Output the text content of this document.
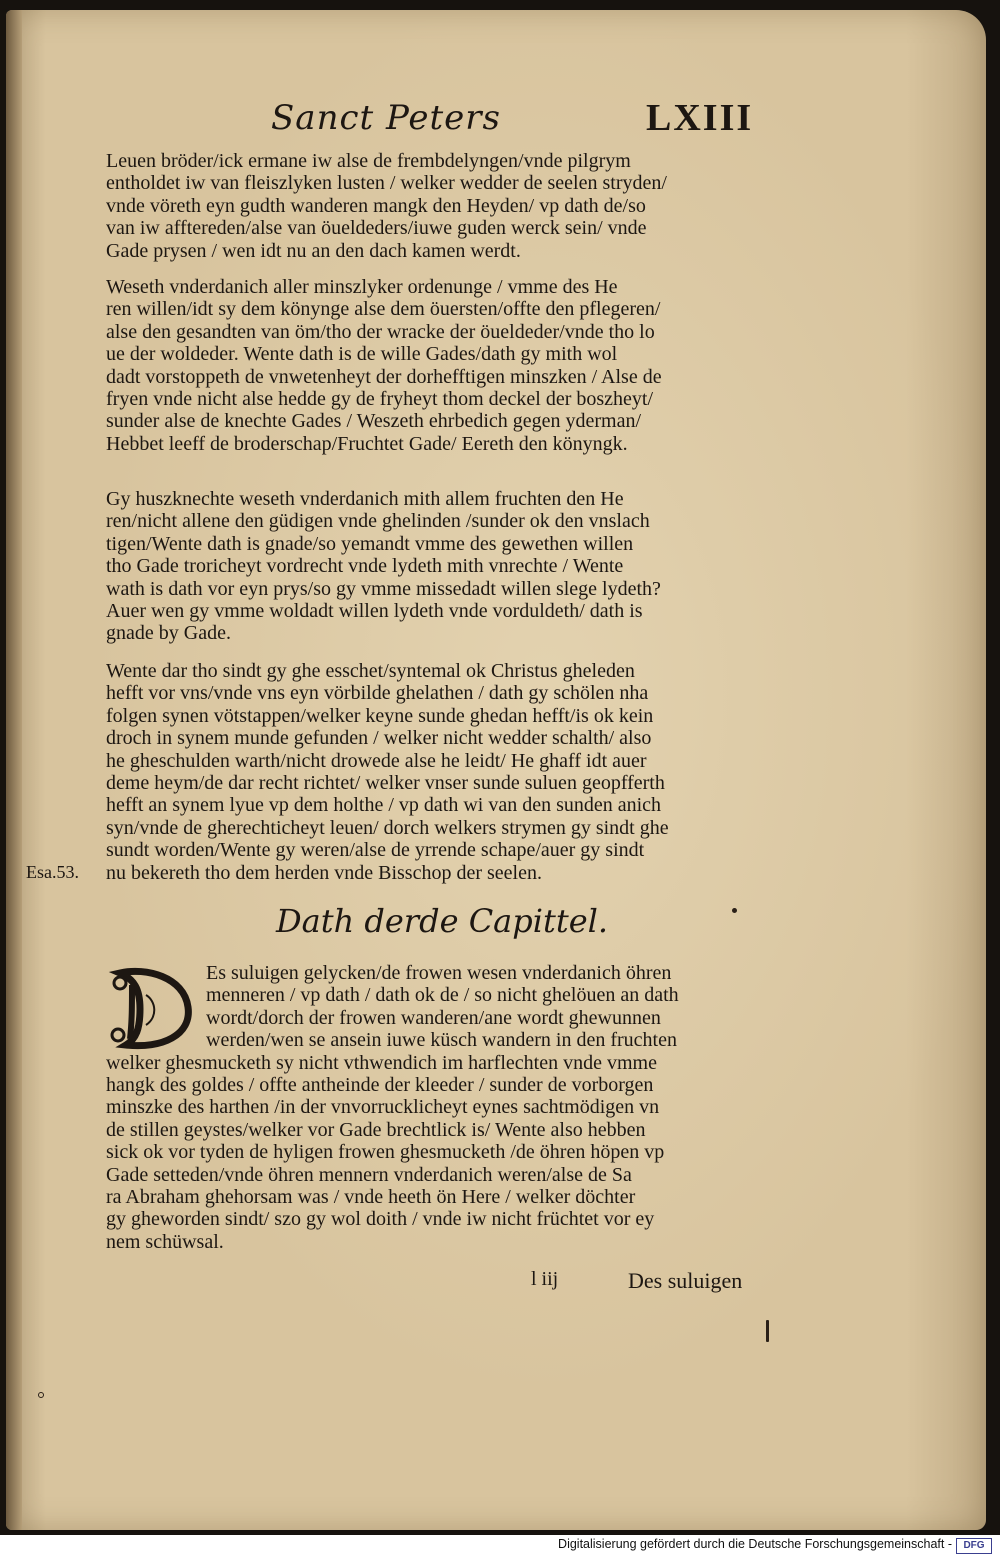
Sanct Peters	LXIII
Leuen bröder/ick ermane iw alse de frembdelyngen/vnde pilgrym
entholdet iw van fleiszlyken lusten / welker wedder de seelen stryden/
vnde vöreth eyn gudth wanderen mangk den Heyden/ vp dath de/so
van iw afftereden/alse van öueldeders/iuwe guden werck sein/ vnde
Gade prysen / wen idt nu an den dach kamen werdt.
Weseth vnderdanich aller minszlyker ordenunge / vmme des He
ren willen/idt sy dem könynge alse dem öuersten/offte den pflegeren/
alse den gesandten van öm/tho der wracke der öueldeder/vnde tho lo
ue der woldeder. Wente dath is de wille Gades/dath gy mith wol
dadt vorstoppeth de vnwetenheyt der dorhefftigen minszken / Alse de
fryen vnde nicht alse hedde gy de fryheyt thom deckel der boszheyt/
sunder alse de knechte Gades / Weszeth ehrbedich gegen yderman/
Hebbet leeff de broderschap/Fruchtet Gade/ Eereth den könyngk.
Gy huszknechte weseth vnderdanich mith allem fruchten den He
ren/nicht allene den güdigen vnde ghelinden /sunder ok den vnslach
tigen/Wente dath is gnade/so yemandt vmme des gewethen willen
tho Gade troricheyt vordrecht vnde lydeth mith vnrechte / Wente
wath is dath vor eyn prys/so gy vmme missedadt willen slege lydeth?
Auer wen gy vmme woldadt willen lydeth vnde vorduldeth/ dath is
gnade by Gade.
Wente dar tho sindt gy ghe esschet/syntemal ok Christus gheleden
hefft vor vns/vnde vns eyn vörbilde ghelathen / dath gy schölen nha
folgen synen vötstappen/welker keyne sunde ghedan hefft/is ok kein
droch in synem munde gefunden / welker nicht wedder schalth/ also
he gheschulden warth/nicht drowede alse he leidt/ He ghaff idt auer
deme heym/de dar recht richtet/ welker vnser sunde suluen geopfferth
hefft an synem lyue vp dem holthe / vp dath wi van den sunden anich
syn/vnde de gherechticheyt leuen/ dorch welkers strymen gy sindt ghe
sundt worden/Wente gy weren/alse de yrrende schape/auer gy sindt
nu bekereth tho dem herden vnde Bisschop der seelen.
Esa.53.
Dath derde Capittel.
Es suluigen gelycken/de frowen wesen vnderdanich öhren
menneren / vp dath / dath ok de / so nicht ghelöuen an dath
wordt/dorch der frowen wanderen/ane wordt ghewunnen
werden/wen se ansein iuwe küsch wandern in den fruchten
welker ghesmucketh sy nicht vthwendich im harflechten vnde vmme
hangk des goldes / offte antheinde der kleeder / sunder de vorborgen
minszke des harthen /in der vnvorrucklicheyt eynes sachtmödigen vn
de stillen geystes/welker vor Gade brechtlick is/ Wente also hebben
sick ok vor tyden de hyligen frowen ghesmucketh /de öhren höpen vp
Gade setteden/vnde öhren mennern vnderdanich weren/alse de Sa
ra Abraham ghehorsam was / vnde heeth ön Here / welker döchter
gy gheworden sindt/ szo gy wol doith / vnde iw nicht früchtet vor ey
nem schüwsal.
l iij	Des suluigen
Digitalisierung gefördert durch die Deutsche Forschungsgemeinschaft -	DFG
